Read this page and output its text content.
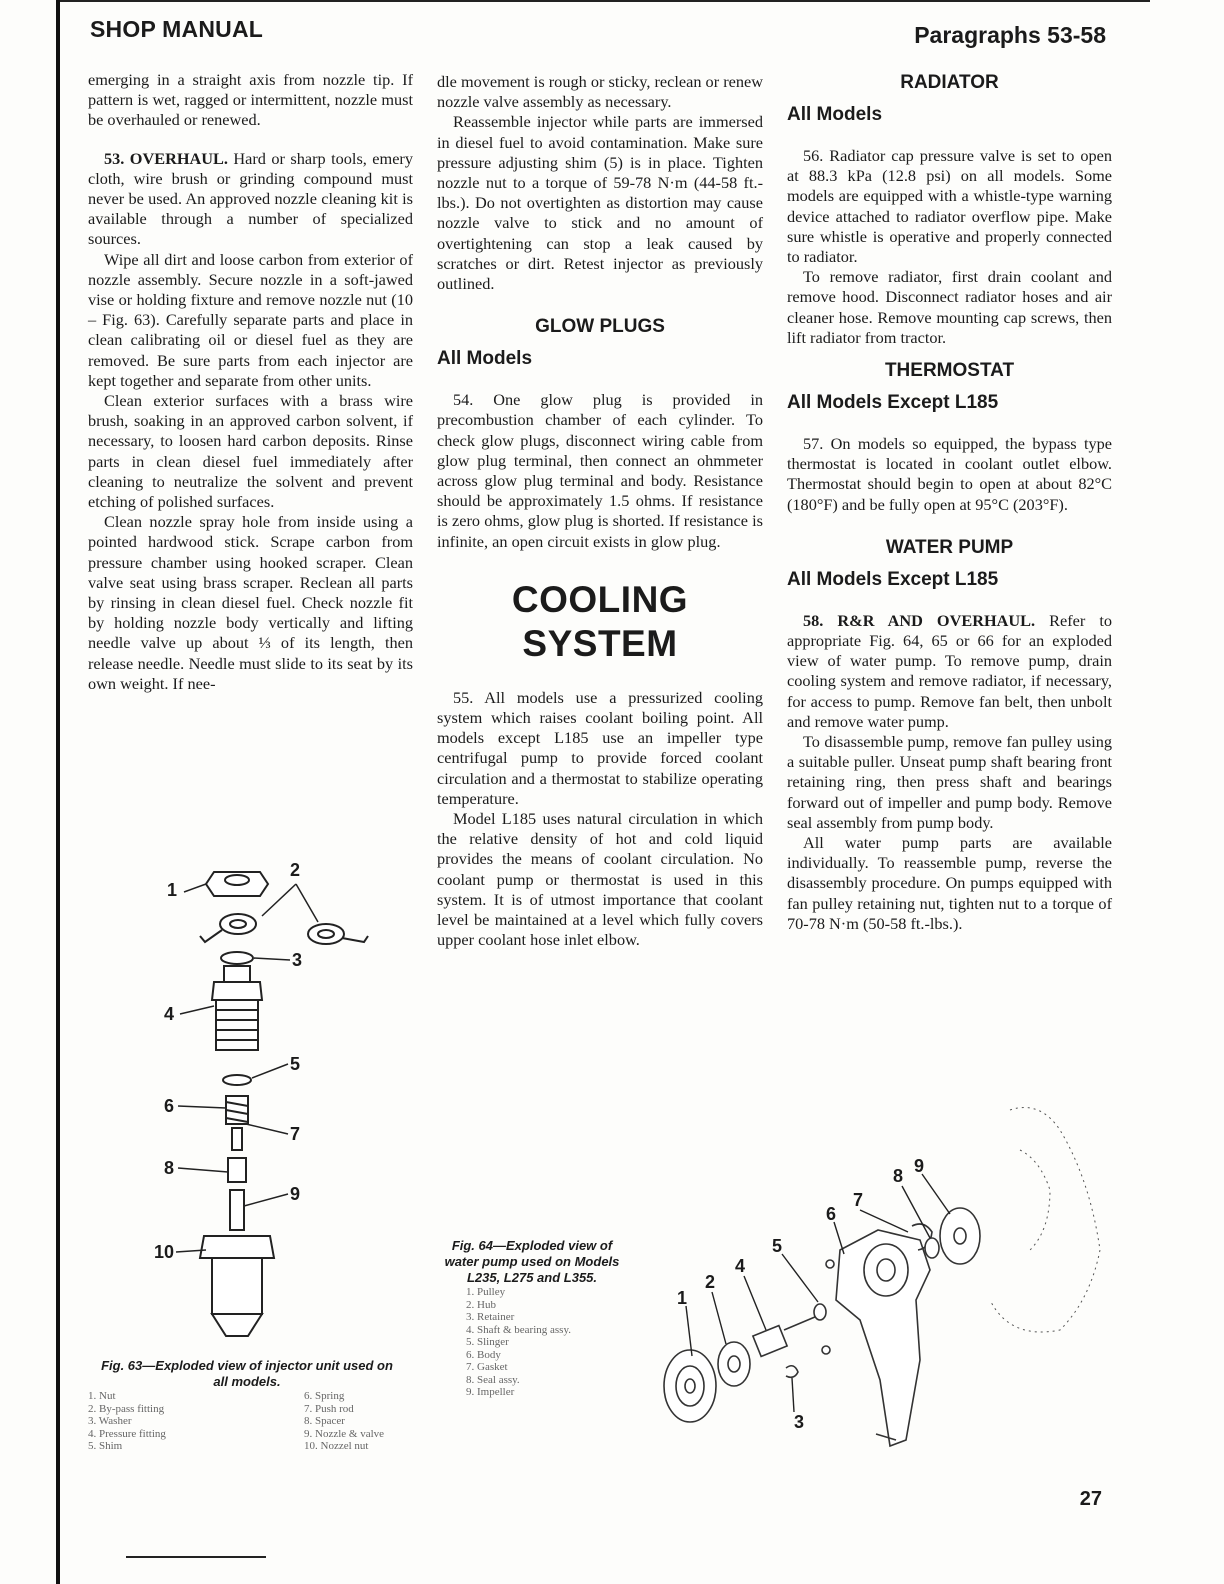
SHOP MANUAL	Paragraphs 53-58

emerging in a straight axis from nozzle tip. If pattern is wet, ragged or intermittent, nozzle must be overhauled or renewed.

53. OVERHAUL. Hard or sharp tools, emery cloth, wire brush or grinding compound must never be used. An approved nozzle cleaning kit is available through a number of specialized sources.

Wipe all dirt and loose carbon from exterior of nozzle assembly. Secure nozzle in a soft-jawed vise or holding fixture and remove nozzle nut (10 – Fig. 63). Carefully separate parts and place in clean calibrating oil or diesel fuel as they are removed. Be sure parts from each injector are kept together and separate from other units.

Clean exterior surfaces with a brass wire brush, soaking in an approved carbon solvent, if necessary, to loosen hard carbon deposits. Rinse parts in clean diesel fuel immediately after cleaning to neutralize the solvent and prevent etching of polished surfaces.

Clean nozzle spray hole from inside using a pointed hardwood stick. Scrape carbon from pressure chamber using hooked scraper. Clean valve seat using brass scraper. Reclean all parts by rinsing in clean diesel fuel. Check nozzle fit by holding nozzle body vertically and lifting needle valve up about ⅓ of its length, then release needle. Needle must slide to its seat by its own weight. If nee-

dle movement is rough or sticky, reclean or renew nozzle valve assembly as necessary.

Reassemble injector while parts are immersed in diesel fuel to avoid contamination. Make sure pressure adjusting shim (5) is in place. Tighten nozzle nut to a torque of 59-78 N·m (44-58 ft.-lbs.). Do not overtighten as distortion may cause nozzle valve to stick and no amount of overtightening can stop a leak caused by scratches or dirt. Retest injector as previously outlined.

GLOW PLUGS
All Models

54. One glow plug is provided in precombustion chamber of each cylinder. To check glow plugs, disconnect wiring cable from glow plug terminal, then connect an ohmmeter across glow plug terminal and body. Resistance should be approximately 1.5 ohms. If resistance is zero ohms, glow plug is shorted. If resistance is infinite, an open circuit exists in glow plug.

COOLING
SYSTEM

55. All models use a pressurized cooling system which raises coolant boiling point. All models except L185 use an impeller type centrifugal pump to provide forced coolant circulation and a thermostat to stabilize operating temperature.

Model L185 uses natural circulation in which the relative density of hot and cold liquid provides the means of coolant circulation. No coolant pump or thermostat is used in this system. It is of utmost importance that coolant level be maintained at a level which fully covers upper coolant hose inlet elbow.

RADIATOR
All Models

56. Radiator cap pressure valve is set to open at 88.3 kPa (12.8 psi) on all models. Some models are equipped with a whistle-type warning device attached to radiator overflow pipe. Make sure whistle is operative and properly connected to radiator.

To remove radiator, first drain coolant and remove hood. Disconnect radiator hoses and air cleaner hose. Remove mounting cap screws, then lift radiator from tractor.

THERMOSTAT
All Models Except L185

57. On models so equipped, the bypass type thermostat is located in coolant outlet elbow. Thermostat should begin to open at about 82°C (180°F) and be fully open at 95°C (203°F).

WATER PUMP
All Models Except L185

58. R&R AND OVERHAUL. Refer to appropriate Fig. 64, 65 or 66 for an exploded view of water pump. To remove pump, drain cooling system and remove radiator, if necessary, for access to pump. Remove fan belt, then unbolt and remove water pump.

To disassemble pump, remove fan pulley using a suitable puller. Unseat pump shaft bearing front retaining ring, then press shaft and bearings forward out of impeller and pump body. Remove seal assembly from pump body.

All water pump parts are available individually. To reassemble pump, reverse the disassembly procedure. On pumps equipped with fan pulley retaining nut, tighten nut to a torque of 70-78 N·m (50-58 ft.-lbs.).

1
2
3
4
5
6
7
8
9
10
Fig. 63—Exploded view of injector unit used on
all models.
1. Nut
2. By-pass fitting
3. Washer
4. Pressure fitting
5. Shim
6. Spring
7. Push rod
8. Spacer
9. Nozzle & valve
10. Nozzel nut
Fig. 64—Exploded view of
water pump used on Models
L235, L275 and L355.
1. Pulley
2. Hub
3. Retainer
4. Shaft & bearing assy.
5. Slinger
6. Body
7. Gasket
8. Seal assy.
9. Impeller
1
2
3
4
5
6
7
8 9
27
